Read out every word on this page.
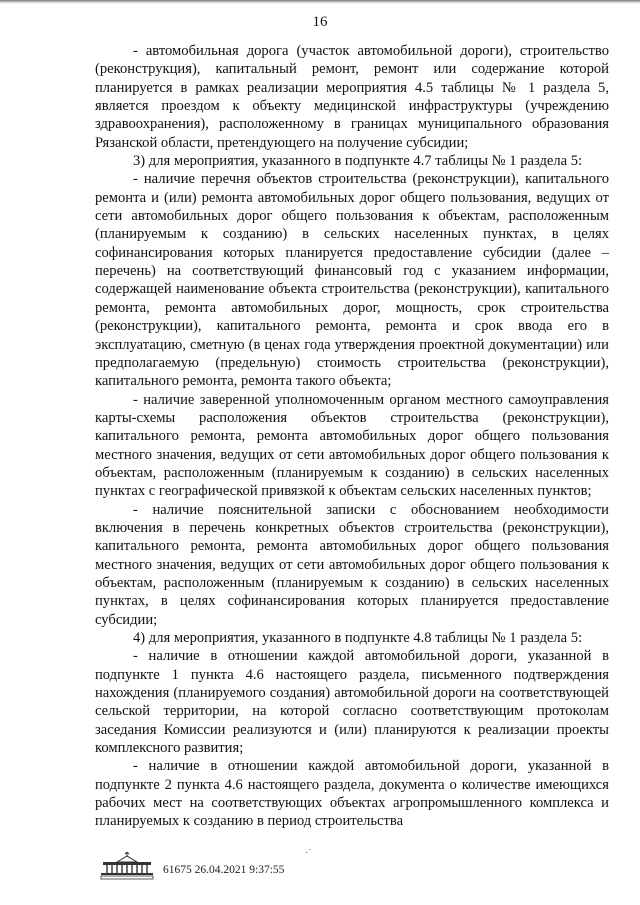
16

- автомобильная дорога (участок автомобильной дороги), строительство (реконструкция), капитальный ремонт, ремонт или содержание которой планируется в рамках реализации мероприятия 4.5 таблицы № 1 раздела 5, является проездом к объекту медицинской инфраструктуры (учреждению здравоохранения), расположенному в границах муниципального образования Рязанской области, претендующего на получение субсидии;

3) для мероприятия, указанного в подпункте 4.7 таблицы № 1 раздела 5:

- наличие перечня объектов строительства (реконструкции), капитального ремонта и (или) ремонта автомобильных дорог общего пользования, ведущих от сети автомобильных дорог общего пользования к объектам, расположенным (планируемым к созданию) в сельских населенных пунктах, в целях софинансирования которых планируется предоставление субсидии (далее – перечень) на соответствующий финансовый год с указанием информации, содержащей наименование объекта строительства (реконструкции), капитального ремонта, ремонта автомобильных дорог, мощность, срок строительства (реконструкции), капитального ремонта, ремонта и срок ввода его в эксплуатацию, сметную (в ценах года утверждения проектной документации) или предполагаемую (предельную) стоимость строительства (реконструкции), капитального ремонта, ремонта такого объекта;

- наличие заверенной уполномоченным органом местного самоуправления карты-схемы расположения объектов строительства (реконструкции), капитального ремонта, ремонта автомобильных дорог общего пользования местного значения, ведущих от сети автомобильных дорог общего пользования к объектам, расположенным (планируемым к созданию) в сельских населенных пунктах с географической привязкой к объектам сельских населенных пунктов;

- наличие пояснительной записки с обоснованием необходимости включения в перечень конкретных объектов строительства (реконструкции), капитального ремонта, ремонта автомобильных дорог общего пользования местного значения, ведущих от сети автомобильных дорог общего пользования к объектам, расположенным (планируемым к созданию) в сельских населенных пунктах, в целях софинансирования которых планируется предоставление субсидии;

4) для мероприятия, указанного в подпункте 4.8 таблицы № 1 раздела 5:

- наличие в отношении каждой автомобильной дороги, указанной в подпункте 1 пункта 4.6 настоящего раздела, письменного подтверждения нахождения (планируемого создания) автомобильной дороги на соответствующей сельской территории, на которой согласно соответствующим протоколам заседания Комиссии реализуются и (или) планируются к реализации проекты комплексного развития;

- наличие в отношении каждой автомобильной дороги, указанной в подпункте 2 пункта 4.6 настоящего раздела, документа о количестве имеющихся рабочих мест на соответствующих объектах агропромышленного комплекса и планируемых к созданию в период строительства

61675 26.04.2021 9:37:55
·˙
